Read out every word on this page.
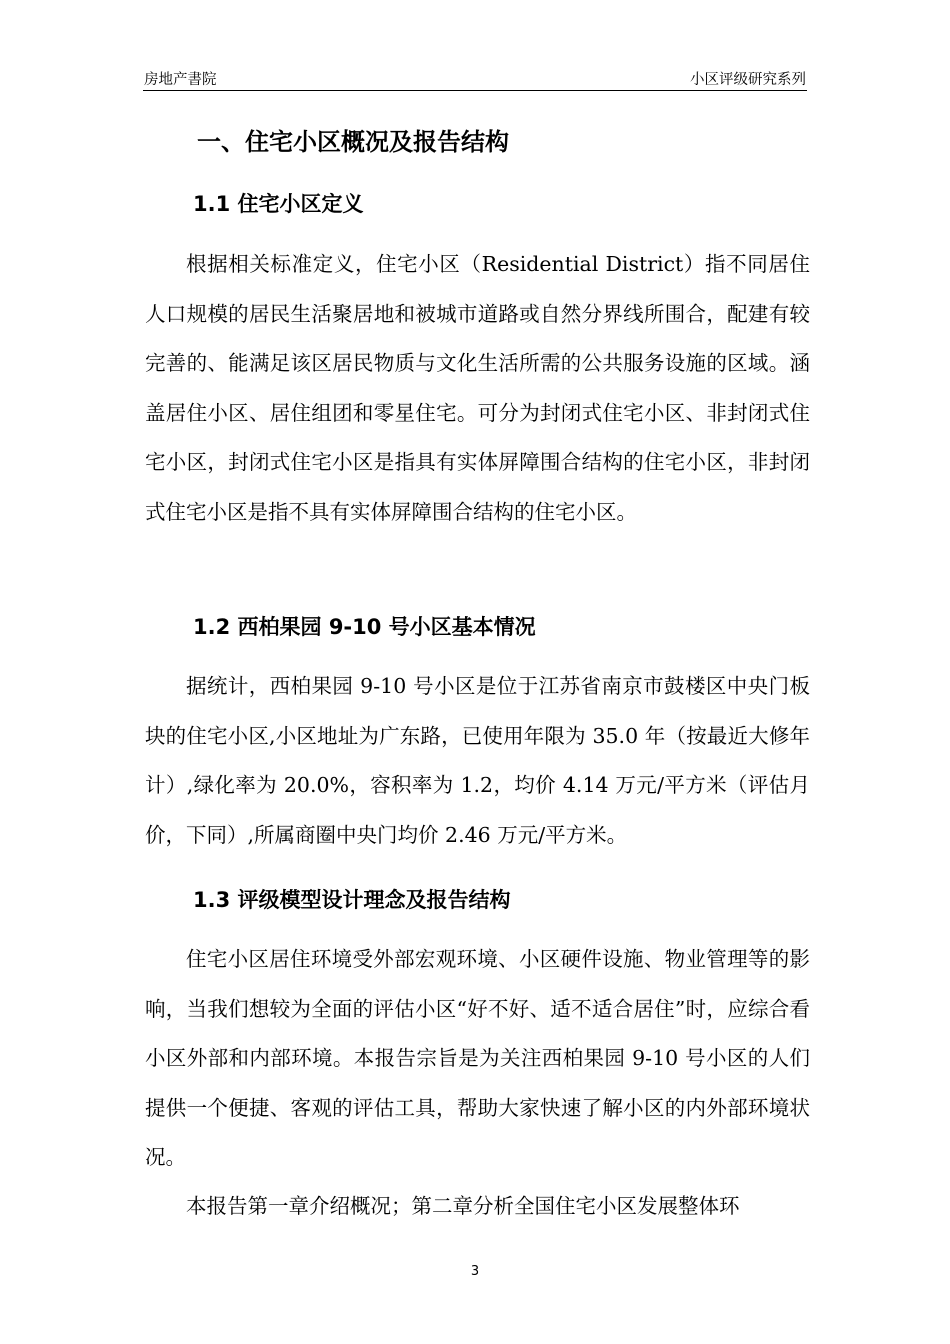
房地产書院	小区评级研究系列
一、住宅小区概况及报告结构
1.1 住宅小区定义

根据相关标准定义，住宅小区（Residential District）指不同居住人口规模的居民生活聚居地和被城市道路或自然分界线所围合，配建有较完善的、能满足该区居民物质与文化生活所需的公共服务设施的区域。涵盖居住小区、居住组团和零星住宅。可分为封闭式住宅小区、非封闭式住宅小区，封闭式住宅小区是指具有实体屏障围合结构的住宅小区，非封闭式住宅小区是指不具有实体屏障围合结构的住宅小区。

1.2 西柏果园 9-10 号小区基本情况

据统计，西柏果园 9-10 号小区是位于江苏省南京市鼓楼区中央门板块的住宅小区,小区地址为广东路，已使用年限为 35.0 年（按最近大修年计）,绿化率为 20.0%，容积率为 1.2，均价 4.14 万元/平方米（评估月价，下同）,所属商圈中央门均价 2.46 万元/平方米。

1.3 评级模型设计理念及报告结构

住宅小区居住环境受外部宏观环境、小区硬件设施、物业管理等的影响，当我们想较为全面的评估小区“好不好、适不适合居住”时，应综合看小区外部和内部环境。本报告宗旨是为关注西柏果园 9-10 号小区的人们提供一个便捷、客观的评估工具，帮助大家快速了解小区的内外部环境状况。

本报告第一章介绍概况；第二章分析全国住宅小区发展整体环

3
